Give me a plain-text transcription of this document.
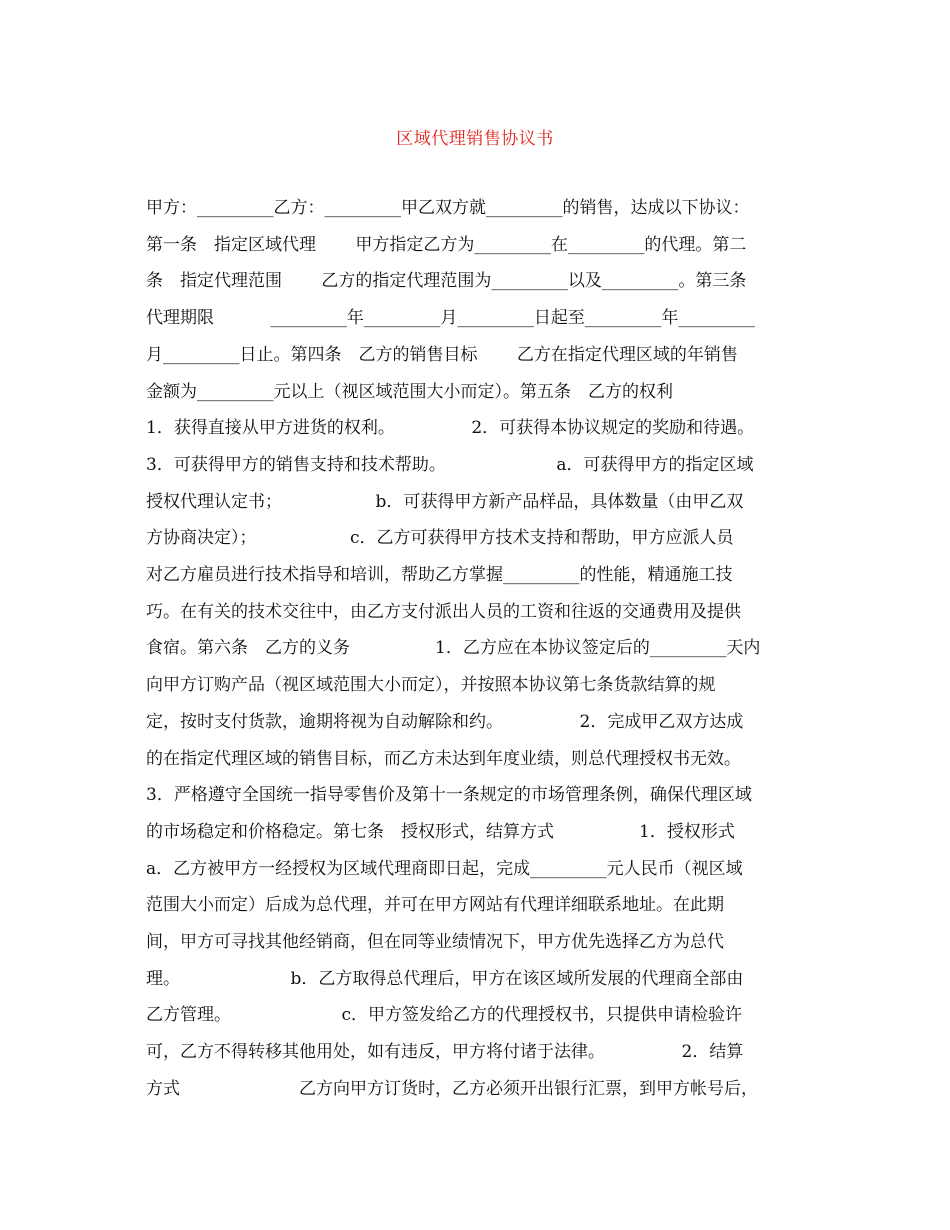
区域代理销售协议书
甲方：_________乙方：_________甲乙双方就_________的销售，达成以下协议：
第一条　指定区域代理　　 甲方指定乙方为_________在_________的代理。第二
条　指定代理范围　　 乙方的指定代理范围为_________以及_________。第三条
代理期限　　 　_________年_________月_________日起至_________年_________
月_________日止。第四条　乙方的销售目标　　 乙方在指定代理区域的年销售
金额为_________元以上（视区域范围大小而定）。第五条　乙方的权利
1．获得直接从甲方进货的权利。　　　　　2．可获得本协议规定的奖励和待遇。
3．可获得甲方的销售支持和技术帮助。　　　　　　　a．可获得甲方的指定区域
授权代理认定书；　　　　　　b．可获得甲方新产品样品，具体数量（由甲乙双
方协商决定）；　　　　　　c．乙方可获得甲方技术支持和帮助，甲方应派人员
对乙方雇员进行技术指导和培训，帮助乙方掌握_________的性能，精通施工技
巧。在有关的技术交往中，由乙方支付派出人员的工资和往返的交通费用及提供
食宿。第六条　乙方的义务　　　　　1．乙方应在本协议签定后的_________天内
向甲方订购产品（视区域范围大小而定），并按照本协议第七条货款结算的规
定，按时支付货款，逾期将视为自动解除和约。　　　　　2．完成甲乙双方达成
的在指定代理区域的销售目标，而乙方未达到年度业绩，则总代理授权书无效。
3．严格遵守全国统一指导零售价及第十一条规定的市场管理条例，确保代理区域
的市场稳定和价格稳定。第七条　授权形式，结算方式　　　　　1．授权形式
a．乙方被甲方一经授权为区域代理商即日起，完成_________元人民币（视区域
范围大小而定）后成为总代理，并可在甲方网站有代理详细联系地址。在此期
间，甲方可寻找其他经销商，但在同等业绩情况下，甲方优先选择乙方为总代
理。　　　　　　　b．乙方取得总代理后，甲方在该区域所发展的代理商全部由
乙方管理。　　　　　　　c．甲方签发给乙方的代理授权书，只提供申请检验许
可，乙方不得转移其他用处，如有违反，甲方将付诸于法律。　　　　　2．结算
方式　　　　　　　乙方向甲方订货时，乙方必须开出银行汇票，到甲方帐号后，
